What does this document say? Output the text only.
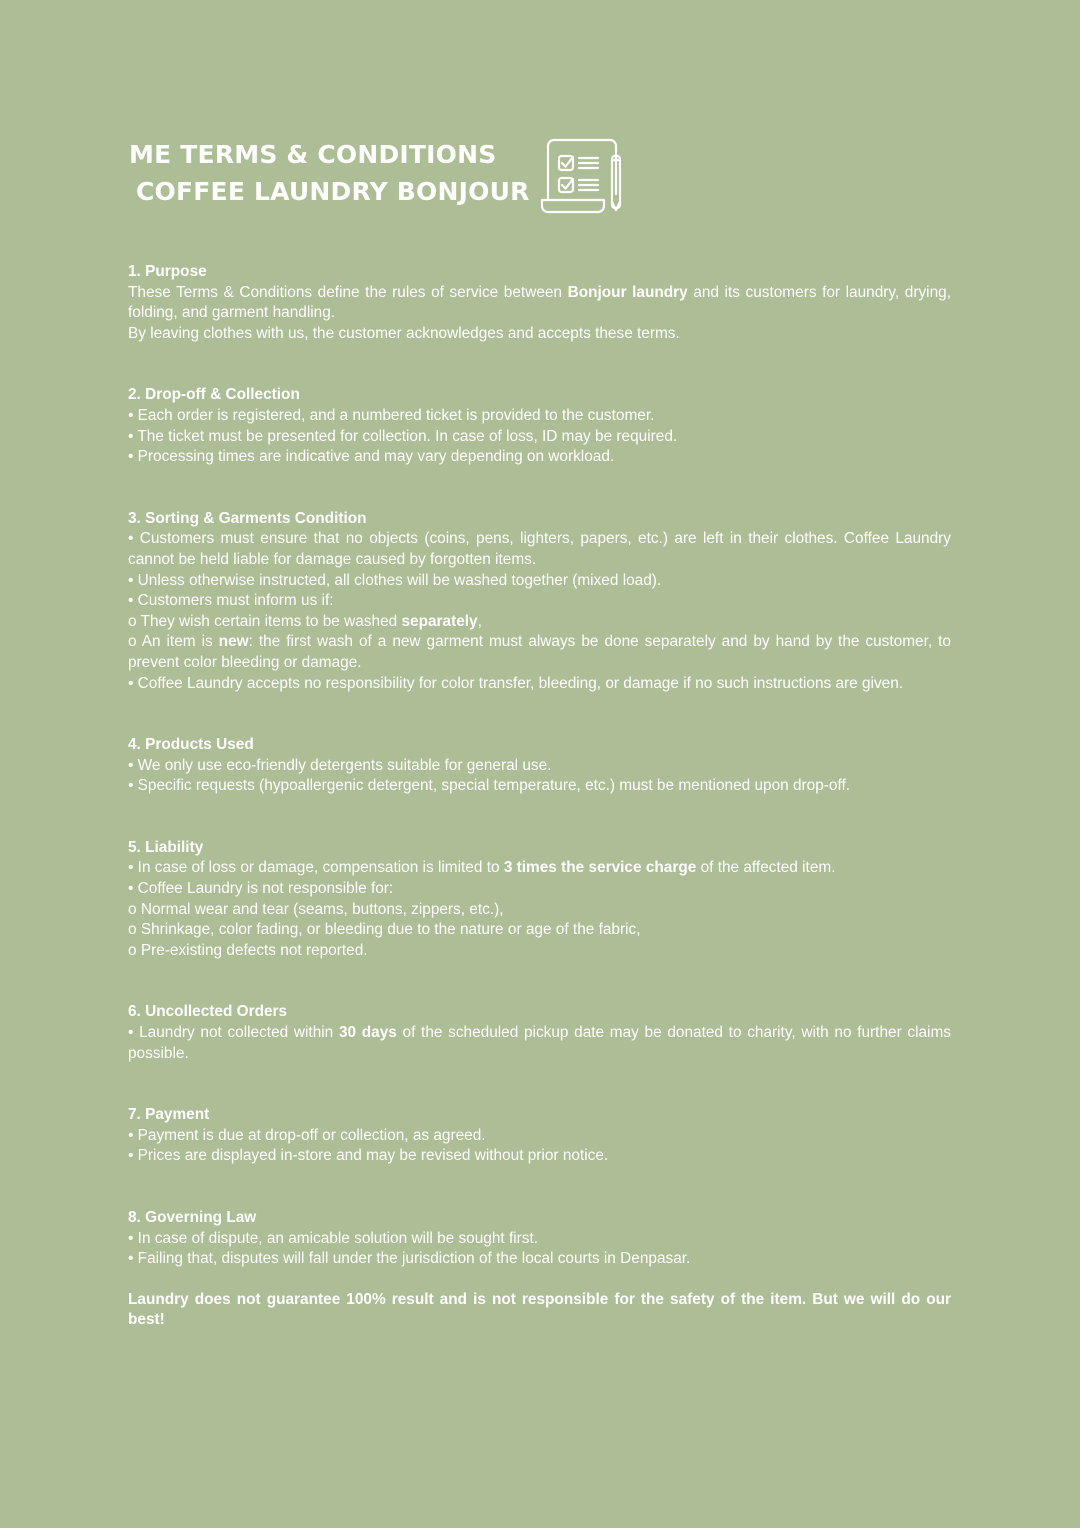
ME TERMS & CONDITIONS
COFFEE LAUNDRY BONJOUR
1. Purpose

These Terms & Conditions define the rules of service between Bonjour laundry and its customers for laundry, drying, folding, and garment handling.

By leaving clothes with us, the customer acknowledges and accepts these terms.

2. Drop-off & Collection

• Each order is registered, and a numbered ticket is provided to the customer.

• The ticket must be presented for collection. In case of loss, ID may be required.

• Processing times are indicative and may vary depending on workload.

3. Sorting & Garments Condition

• Customers must ensure that no objects (coins, pens, lighters, papers, etc.) are left in their clothes. Coffee Laundry cannot be held liable for damage caused by forgotten items.

• Unless otherwise instructed, all clothes will be washed together (mixed load).

• Customers must inform us if:

o They wish certain items to be washed separately,

o An item is new: the first wash of a new garment must always be done separately and by hand by the customer, to prevent color bleeding or damage.

• Coffee Laundry accepts no responsibility for color transfer, bleeding, or damage if no such instructions are given.

4. Products Used

• We only use eco-friendly detergents suitable for general use.

• Specific requests (hypoallergenic detergent, special temperature, etc.) must be mentioned upon drop-off.

5. Liability

• In case of loss or damage, compensation is limited to 3 times the service charge of the affected item.

• Coffee Laundry is not responsible for:

o Normal wear and tear (seams, buttons, zippers, etc.),

o Shrinkage, color fading, or bleeding due to the nature or age of the fabric,

o Pre-existing defects not reported.

6. Uncollected Orders

• Laundry not collected within 30 days of the scheduled pickup date may be donated to charity, with no further claims possible.

7. Payment

• Payment is due at drop-off or collection, as agreed.

• Prices are displayed in-store and may be revised without prior notice.

8. Governing Law

• In case of dispute, an amicable solution will be sought first.

• Failing that, disputes will fall under the jurisdiction of the local courts in Denpasar.

Laundry does not guarantee 100% result and is not responsible for the safety of the item. But we will do our best!
